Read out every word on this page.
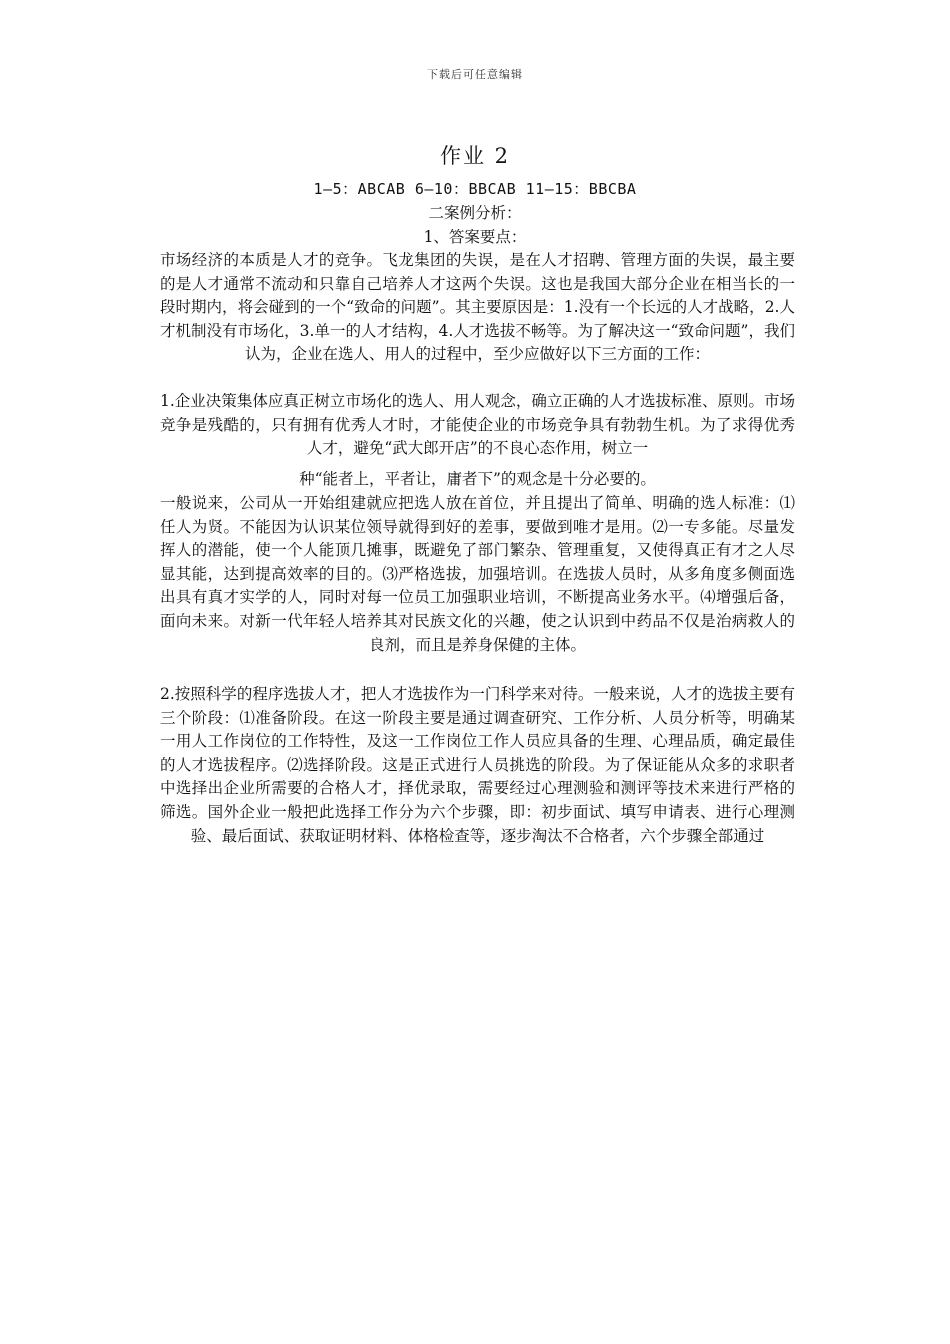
下载后可任意编辑
作业 2
1—5：ABCAB 6—10：BBCAB 11—15：BBCBA
二案例分析：
1、答案要点：

市场经济的本质是人才的竞争。飞龙集团的失误，是在人才招聘、管理方面的失误，最主要的是人才通常不流动和只靠自己培养人才这两个失误。这也是我国大部分企业在相当长的一段时期内，将会碰到的一个“致命的问题”。其主要原因是：1.没有一个长远的人才战略，2.人才机制没有市场化，3.单一的人才结构，4.人才选拔不畅等。为了解决这一“致命问题”，我们认为，企业在选人、用人的过程中，至少应做好以下三方面的工作：

1.企业决策集体应真正树立市场化的选人、用人观念，确立正确的人才选拔标准、原则。市场竞争是残酷的，只有拥有优秀人才时，才能使企业的市场竞争具有勃勃生机。为了求得优秀人才，避免“武大郎开店”的不良心态作用，树立一

种“能者上，平者让，庸者下”的观念是十分必要的。

一般说来，公司从一开始组建就应把选人放在首位，并且提出了简单、明确的选人标准：⑴任人为贤。不能因为认识某位领导就得到好的差事，要做到唯才是用。⑵一专多能。尽量发挥人的潜能，使一个人能顶几摊事，既避免了部门繁杂、管理重复，又使得真正有才之人尽显其能，达到提高效率的目的。⑶严格选拔，加强培训。在选拔人员时，从多角度多侧面选出具有真才实学的人，同时对每一位员工加强职业培训，不断提高业务水平。⑷增强后备，面向未来。对新一代年轻人培养其对民族文化的兴趣，使之认识到中药品不仅是治病救人的良剂，而且是养身保健的主体。

2.按照科学的程序选拔人才，把人才选拔作为一门科学来对待。一般来说，人才的选拔主要有三个阶段：⑴准备阶段。在这一阶段主要是通过调查研究、工作分析、人员分析等，明确某一用人工作岗位的工作特性，及这一工作岗位工作人员应具备的生理、心理品质，确定最佳的人才选拔程序。⑵选择阶段。这是正式进行人员挑选的阶段。为了保证能从众多的求职者中选择出企业所需要的合格人才，择优录取，需要经过心理测验和测评等技术来进行严格的筛选。国外企业一般把此选择工作分为六个步骤，即：初步面试、填写申请表、进行心理测验、最后面试、获取证明材料、体格检查等，逐步淘汰不合格者，六个步骤全部通过
